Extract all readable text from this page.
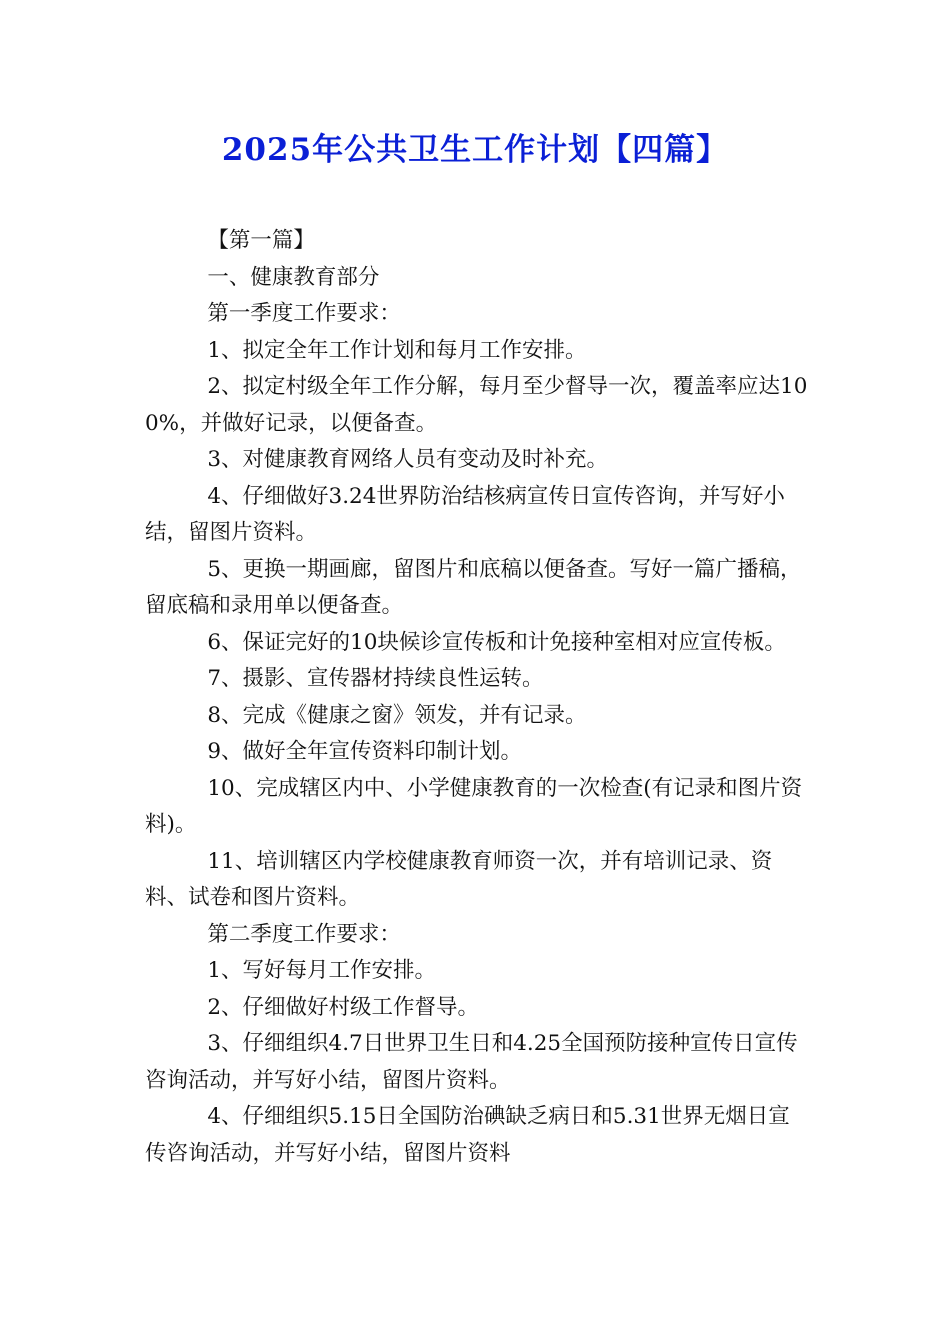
2025年公共卫生工作计划【四篇】

【第一篇】

一、健康教育部分

第一季度工作要求：

1、拟定全年工作计划和每月工作安排。

2、拟定村级全年工作分解，每月至少督导一次，覆盖率应达100%，并做好记录，以便备查。

3、对健康教育网络人员有变动及时补充。

4、仔细做好3.24世界防治结核病宣传日宣传咨询，并写好小结，留图片资料。

5、更换一期画廊，留图片和底稿以便备查。写好一篇广播稿，留底稿和录用单以便备查。

6、保证完好的10块候诊宣传板和计免接种室相对应宣传板。

7、摄影、宣传器材持续良性运转。

8、完成《健康之窗》领发，并有记录。

9、做好全年宣传资料印制计划。

10、完成辖区内中、小学健康教育的一次检查(有记录和图片资料)。

11、培训辖区内学校健康教育师资一次，并有培训记录、资料、试卷和图片资料。

第二季度工作要求：

1、写好每月工作安排。

2、仔细做好村级工作督导。

3、仔细组织4.7日世界卫生日和4.25全国预防接种宣传日宣传咨询活动，并写好小结，留图片资料。

4、仔细组织5.15日全国防治碘缺乏病日和5.31世界无烟日宣传咨询活动，并写好小结，留图片资料
